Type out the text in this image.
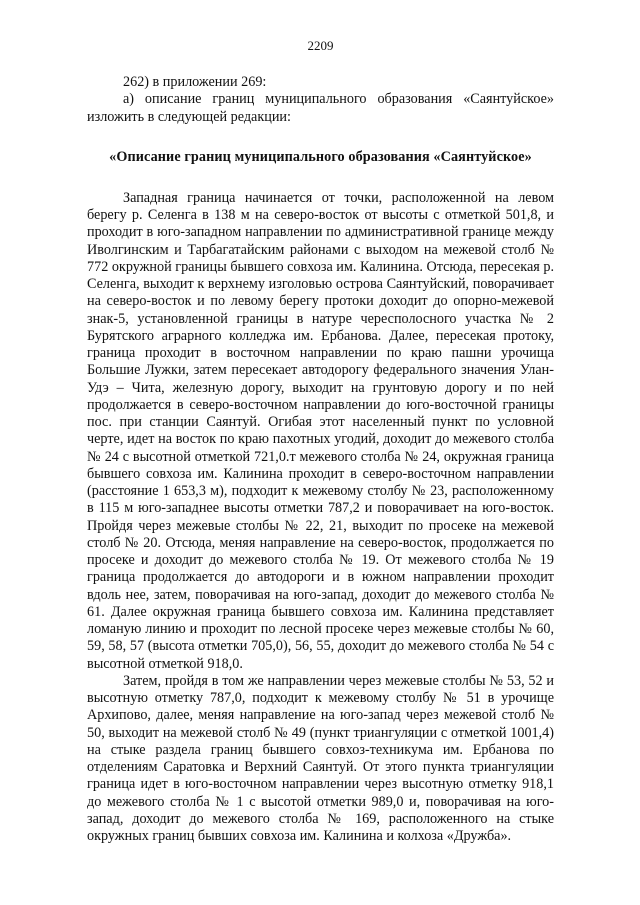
2209

262) в приложении 269:

а) описание границ муниципального образования «Саянтуйское» изложить в следующей редакции:

«Описание границ муниципального образования «Саянтуйское»

Западная граница начинается от точки, расположенной на левом берегу р. Селенга в 138 м на северо-восток от высоты с отметкой 501,8, и проходит в юго-западном направлении по административной границе между Иволгинским и Тарбагатайским районами с выходом на межевой столб № 772 окружной границы бывшего совхоза им. Калинина. Отсюда, пересекая р. Селенга, выходит к верхнему изголовью острова Саянтуйский, поворачивает на северо-восток и по левому берегу протоки доходит до опорно-межевой знак-5, установленной границы в натуре чересполосного участка № 2 Бурятского аграрного колледжа им. Ербанова. Далее, пересекая протоку, граница проходит в восточном направлении по краю пашни урочища Большие Лужки, затем пересекает автодорогу федерального значения Улан-Удэ – Чита, железную дорогу, выходит на грунтовую дорогу и по ней продолжается в северо-восточном направлении до юго-восточной границы пос. при станции Саянтуй. Огибая этот населенный пункт по условной черте, идет на восток по краю пахотных угодий, доходит до межевого столба № 24 с высотной отметкой 721,0.т межевого столба № 24, окружная граница бывшего совхоза им. Калинина проходит в северо-восточном направлении (расстояние 1 653,3 м), подходит к межевому столбу № 23, расположенному в 115 м юго-западнее высоты отметки 787,2 и поворачивает на юго-восток. Пройдя через межевые столбы № 22, 21, выходит по просеке на межевой столб № 20. Отсюда, меняя направление на северо-восток, продолжается по просеке и доходит до межевого столба № 19. От межевого столба № 19 граница продолжается до автодороги и в южном направлении проходит вдоль нее, затем, поворачивая на юго-запад, доходит до межевого столба № 61. Далее окружная граница бывшего совхоза им. Калинина представляет ломаную линию и проходит по лесной просеке через межевые столбы № 60, 59, 58, 57 (высота отметки 705,0), 56, 55, доходит до межевого столба № 54 с высотной отметкой 918,0.

Затем, пройдя в том же направлении через межевые столбы № 53, 52 и высотную отметку 787,0, подходит к межевому столбу № 51 в урочище Архипово, далее, меняя направление на юго-запад через межевой столб № 50, выходит на межевой столб № 49 (пункт триангуляции с отметкой 1001,4) на стыке раздела границ бывшего совхоз-техникума им. Ербанова по отделениям Саратовка и Верхний Саянтуй. От этого пункта триангуляции граница идет в юго-восточном направлении через высотную отметку 918,1 до межевого столба № 1 с высотой отметки 989,0 и, поворачивая на юго-запад, доходит до межевого столба № 169, расположенного на стыке окружных границ бывших совхоза им. Калинина и колхоза «Дружба».
